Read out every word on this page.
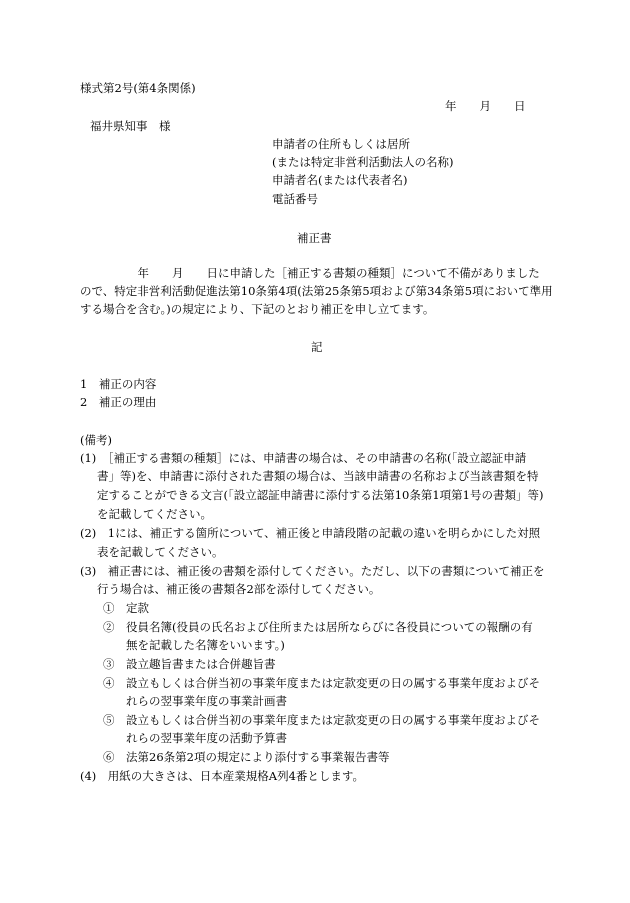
様式第2号(第4条関係)
年　　月　　日
福井県知事　様
申請者の住所もしくは居所
(または特定非営利活動法人の名称)
申請者名(または代表者名)
電話番号
補正書
　　　　　年　　月　　日に申請した［補正する書類の種類］について不備がありました
ので、特定非営利活動促進法第10条第4項(法第25条第5項および第34条第5項において準用
する場合を含む。)の規定により、下記のとおり補正を申し立てます。
記
1　補正の内容
2　補正の理由
(備考)
(1)　［補正する書類の種類］には、申請書の場合は、その申請書の名称(「設立認証申請
書」等)を、申請書に添付された書類の場合は、当該申請書の名称および当該書類を特
定することができる文言(「設立認証申請書に添付する法第10条第1項第1号の書類」等)
を記載してください。
(2)　1には、補正する箇所について、補正後と申請段階の記載の違いを明らかにした対照
表を記載してください。
(3)　補正書には、補正後の書類を添付してください。ただし、以下の書類について補正を
行う場合は、補正後の書類各2部を添付してください。
①　定款
②　役員名簿(役員の氏名および住所または居所ならびに各役員についての報酬の有
無を記載した名簿をいいます。)
③　設立趣旨書または合併趣旨書
④　設立もしくは合併当初の事業年度または定款変更の日の属する事業年度およびそ
れらの翌事業年度の事業計画書
⑤　設立もしくは合併当初の事業年度または定款変更の日の属する事業年度およびそ
れらの翌事業年度の活動予算書
⑥　法第26条第2項の規定により添付する事業報告書等
(4)　用紙の大きさは、日本産業規格A列4番とします。
